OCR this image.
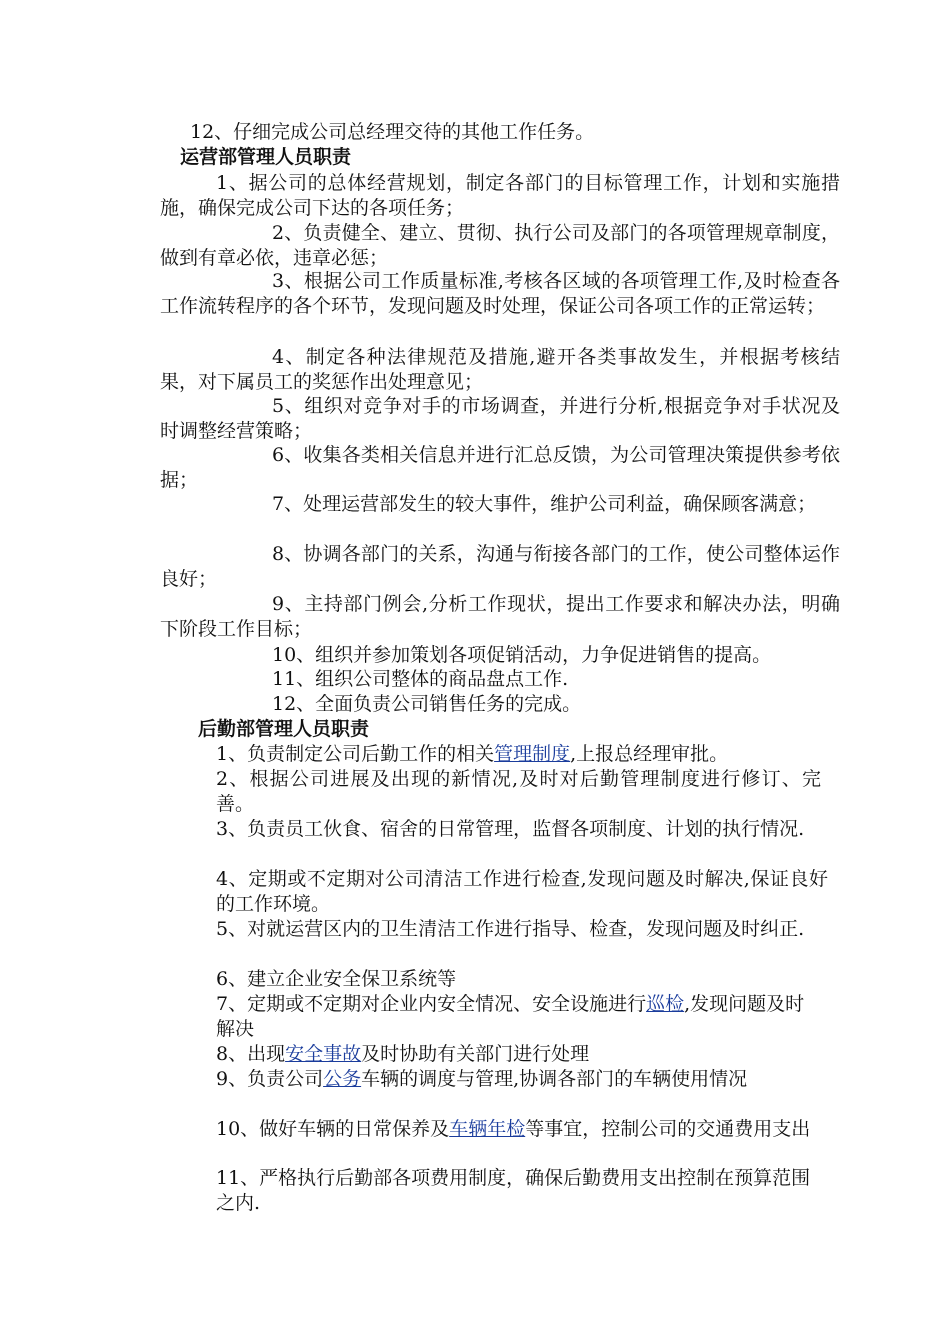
12、仔细完成公司总经理交待的其他工作任务。

运营部管理人员职责

1、据公司的总体经营规划，制定各部门的目标管理工作，计划和实施措施，确保完成公司下达的各项任务；

2、负责健全、建立、贯彻、执行公司及部门的各项管理规章制度，做到有章必依，违章必惩；

3、根据公司工作质量标准,考核各区域的各项管理工作,及时检查各工作流转程序的各个环节，发现问题及时处理，保证公司各项工作的正常运转；

4、制定各种法律规范及措施,避开各类事故发生，并根据考核结果，对下属员工的奖惩作出处理意见；

5、组织对竞争对手的市场调查，并进行分析,根据竞争对手状况及时调整经营策略；

6、收集各类相关信息并进行汇总反馈，为公司管理决策提供参考依据；

7、处理运营部发生的较大事件，维护公司利益，确保顾客满意；

8、协调各部门的关系，沟通与衔接各部门的工作，使公司整体运作良好；

9、主持部门例会,分析工作现状，提出工作要求和解决办法，明确下阶段工作目标；

10、组织并参加策划各项促销活动，力争促进销售的提高。

11、组织公司整体的商品盘点工作.

12、全面负责公司销售任务的完成。

后勤部管理人员职责

1、负责制定公司后勤工作的相关管理制度,上报总经理审批。

2、根据公司进展及出现的新情况,及时对后勤管理制度进行修订、完善。

3、负责员工伙食、宿舍的日常管理，监督各项制度、计划的执行情况.

4、定期或不定期对公司清洁工作进行检查,发现问题及时解决,保证良好的工作环境。

5、对就运营区内的卫生清洁工作进行指导、检查，发现问题及时纠正.

6、建立企业安全保卫系统等

7、定期或不定期对企业内安全情况、安全设施进行巡检,发现问题及时解决

8、出现安全事故及时协助有关部门进行处理

9、负责公司公务车辆的调度与管理,协调各部门的车辆使用情况

10、做好车辆的日常保养及车辆年检等事宜，控制公司的交通费用支出

11、严格执行后勤部各项费用制度，确保后勤费用支出控制在预算范围之内.
